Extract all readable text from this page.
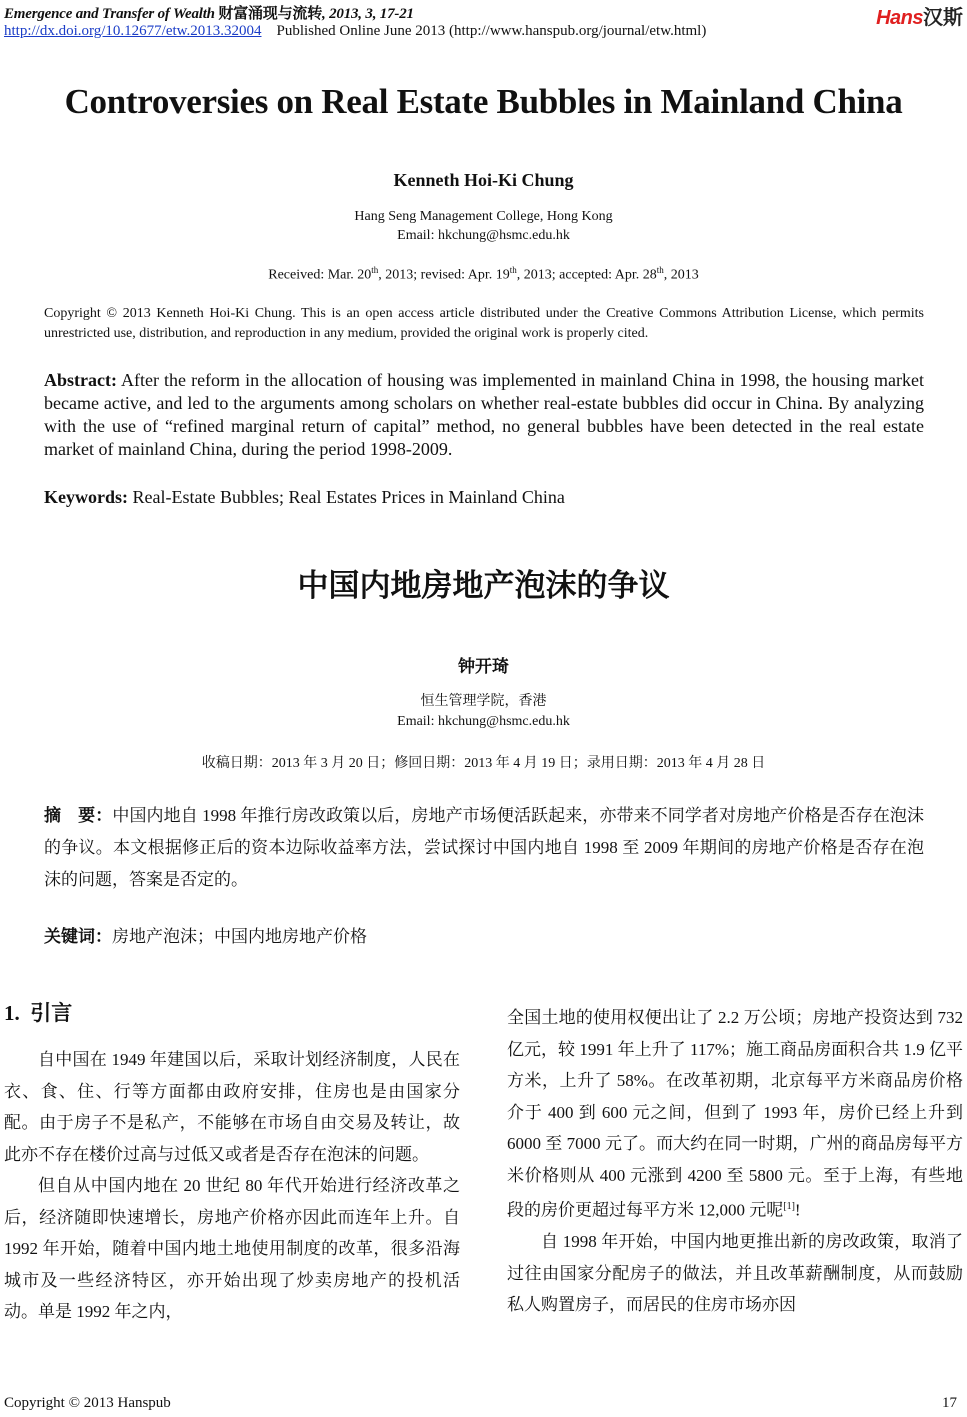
Emergence and Transfer of Wealth 财富涌现与流转, 2013, 3, 17-21
http://dx.doi.org/10.12677/etw.2013.32004 Published Online June 2013 (http://www.hanspub.org/journal/etw.html)
Hans汉斯
Controversies on Real Estate Bubbles in Mainland China
Kenneth Hoi-Ki Chung
Hang Seng Management College, Hong Kong
Email: hkchung@hsmc.edu.hk
Received: Mar. 20th, 2013; revised: Apr. 19th, 2013; accepted: Apr. 28th, 2013
Copyright © 2013 Kenneth Hoi-Ki Chung. This is an open access article distributed under the Creative Commons Attribution License, which permits unrestricted use, distribution, and reproduction in any medium, provided the original work is properly cited.
Abstract: After the reform in the allocation of housing was implemented in mainland China in 1998, the housing market became active, and led to the arguments among scholars on whether real-estate bubbles did occur in China. By analyzing with the use of “refined marginal return of capital” method, no general bubbles have been detected in the real estate market of mainland China, during the period 1998-2009.
Keywords: Real-Estate Bubbles; Real Estates Prices in Mainland China
中国内地房地产泡沫的争议
钟开琦
恒生管理学院，香港
Email: hkchung@hsmc.edu.hk
收稿日期：2013 年 3 月 20 日；修回日期：2013 年 4 月 19 日；录用日期：2013 年 4 月 28 日
摘　要：中国内地自 1998 年推行房改政策以后，房地产市场便活跃起来，亦带来不同学者对房地产价格是否存在泡沫的争议。本文根据修正后的资本边际收益率方法，尝试探讨中国内地自 1998 至 2009 年期间的房地产价格是否存在泡沫的问题，答案是否定的。
关键词：房地产泡沫；中国内地房地产价格
1. 引言

自中国在 1949 年建国以后，采取计划经济制度，人民在衣、食、住、行等方面都由政府安排，住房也是由国家分配。由于房子不是私产，不能够在市场自由交易及转让，故此亦不存在楼价过高与过低又或者是否存在泡沫的问题。

但自从中国内地在 20 世纪 80 年代开始进行经济改革之后，经济随即快速增长，房地产价格亦因此而连年上升。自 1992 年开始，随着中国内地土地使用制度的改革，很多沿海城市及一些经济特区，亦开始出现了炒卖房地产的投机活动。单是 1992 年之内，

全国土地的使用权便出让了 2.2 万公顷；房地产投资达到 732 亿元，较 1991 年上升了 117%；施工商品房面积合共 1.9 亿平方米，上升了 58%。在改革初期，北京每平方米商品房价格介于 400 到 600 元之间，但到了 1993 年，房价已经上升到 6000 至 7000 元了。而大约在同一时期，广州的商品房每平方米价格则从 400 元涨到 4200 至 5800 元。至于上海，有些地段的房价更超过每平方米 12,000 元呢[1]!

自 1998 年开始，中国内地更推出新的房改政策，取消了过往由国家分配房子的做法，并且改革薪酬制度，从而鼓励私人购置房子，而居民的住房市场亦因

Copyright © 2013 Hanspub	17
